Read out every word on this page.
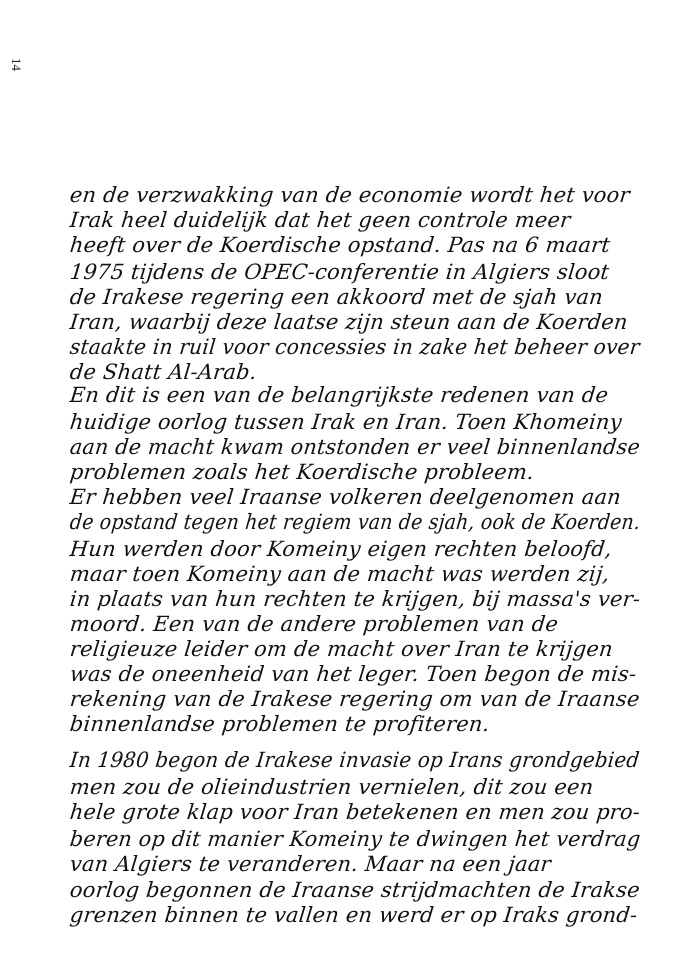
14
en de verzwakking van de economie wordt het voor
Irak heel duidelijk dat het geen controle meer
heeft over de Koerdische opstand. Pas na 6 maart
1975 tijdens de OPEC-conferentie in Algiers sloot
de Irakese regering een akkoord met de sjah van
Iran, waarbij deze laatse zijn steun aan de Koerden
staakte in ruil voor concessies in zake het beheer over
de Shatt Al-Arab.
En dit is een van de belangrijkste redenen van de
huidige oorlog tussen Irak en Iran. Toen Khomeiny
aan de macht kwam ontstonden er veel binnenlandse
problemen zoals het Koerdische probleem.
Er hebben veel Iraanse volkeren deelgenomen aan
de opstand tegen het regiem van de sjah, ook de Koerden.
Hun werden door Komeiny eigen rechten beloofd,
maar toen Komeiny aan de macht was werden zij,
in plaats van hun rechten te krijgen, bij massa's ver-
moord. Een van de andere problemen van de
religieuze leider om de macht over Iran te krijgen
was de oneenheid van het leger. Toen begon de mis-
rekening van de Irakese regering om van de Iraanse
binnenlandse problemen te profiteren.
In 1980 begon de Irakese invasie op Irans grondgebied
men zou de olieindustrien vernielen, dit zou een
hele grote klap voor Iran betekenen en men zou pro-
beren op dit manier Komeiny te dwingen het verdrag
van Algiers te veranderen. Maar na een jaar
oorlog begonnen de Iraanse strijdmachten de Irakse
grenzen binnen te vallen en werd er op Iraks grond-
